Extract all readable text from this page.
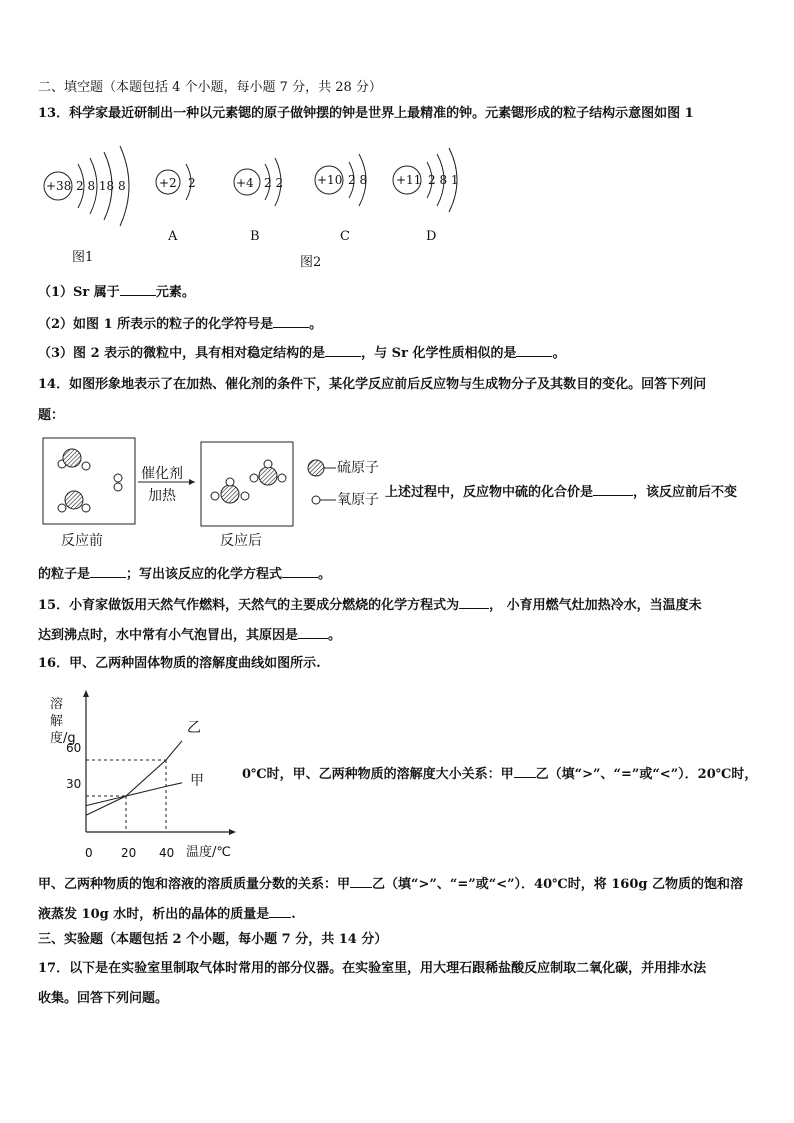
二、填空题（本题包括 4 个小题，每小题 7 分，共 28 分）
13．科学家最近研制出一种以元素锶的原子做钟摆的钟是世界上最精准的钟。元素锶形成的粒子结构示意图如图 1
+38 2 8 18 8
图1
+2 2
A
+4 2 2
B
+10 2 8
C
+11 2 8 1
D
图2
（1）Sr 属于	元素。
（2）如图 1 所表示的粒子的化学符号是	。
（3）图 2 表示的微粒中，具有相对稳定结构的是	，与 Sr 化学性质相似的是	。
14．如图形象地表示了在加热、催化剂的条件下，某化学反应前后反应物与生成物分子及其数目的变化。回答下列问
题：
催化剂
加热
硫原子
氧原子
反应前	反应后
上述过程中，反应物中硫的化合价是	，该反应前后不变
的粒子是	；写出该反应的化学方程式	。
15．小育家做饭用天然气作燃料，天然气的主要成分燃烧的化学方程式为 ， 小育用燃气灶加热冷水，当温度未
达到沸点时，水中常有小气泡冒出，其原因是 。
16．甲、乙两种固体物质的溶解度曲线如图所示.
溶解度/g
温度/℃
0 20 40
60
30
乙
甲	0℃时，甲、乙两种物质的溶解度大小关系：甲 乙（填“>”、“=”或“<”）．20℃时，
甲、乙两种物质的饱和溶液的溶质质量分数的关系：甲 乙（填“>”、“=”或“<”）．40℃时，将 160g 乙物质的饱和溶
液蒸发 10g 水时，析出的晶体的质量是 .
三、实验题（本题包括 2 个小题，每小题 7 分，共 14 分）
17．以下是在实验室里制取气体时常用的部分仪器。在实验室里，用大理石跟稀盐酸反应制取二氧化碳，并用排水法
收集。回答下列问题。
